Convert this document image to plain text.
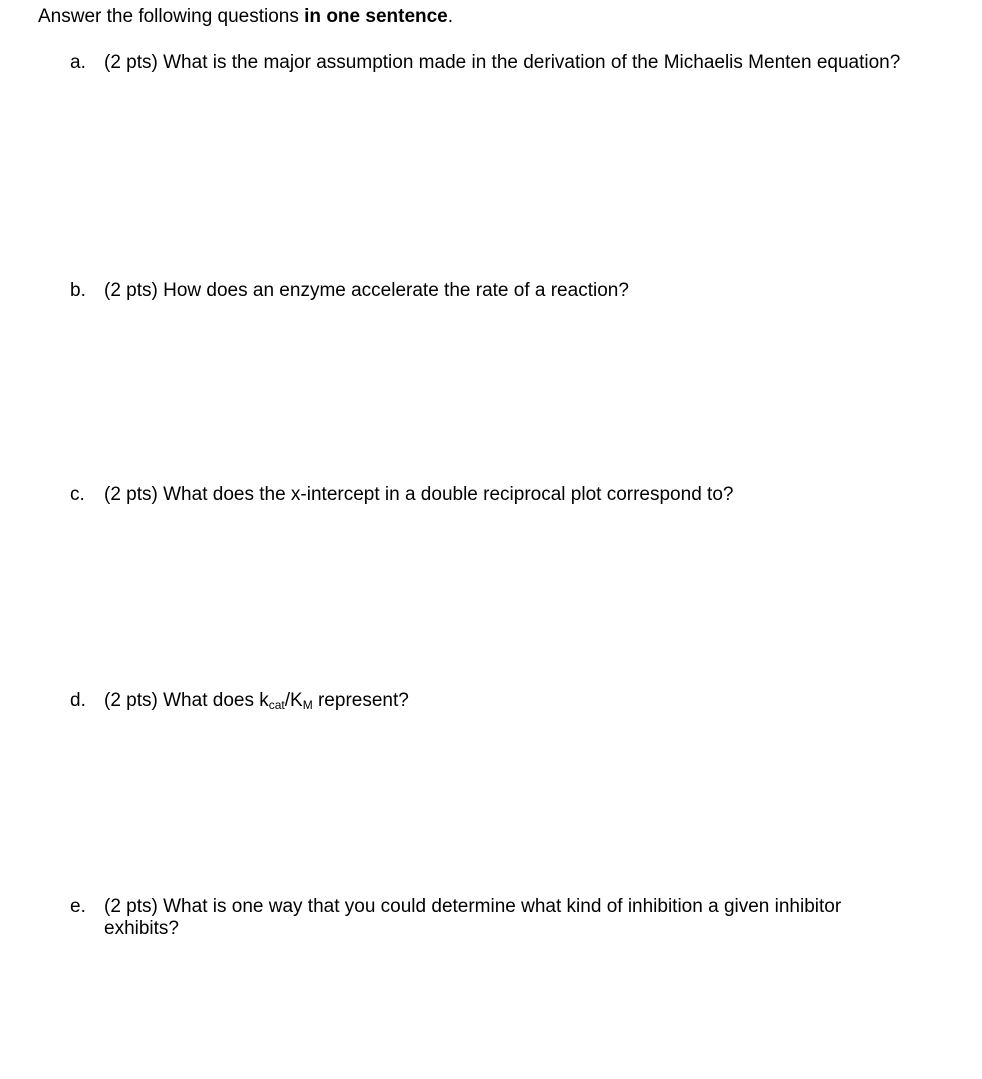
Answer the following questions in one sentence.
a. (2 pts) What is the major assumption made in the derivation of the Michaelis Menten equation?
b. (2 pts) How does an enzyme accelerate the rate of a reaction?
c. (2 pts) What does the x-intercept in a double reciprocal plot correspond to?
d. (2 pts) What does $k_{cat}/K_M$ represent?
e. (2 pts) What is one way that you could determine what kind of inhibition a given inhibitor exhibits?
